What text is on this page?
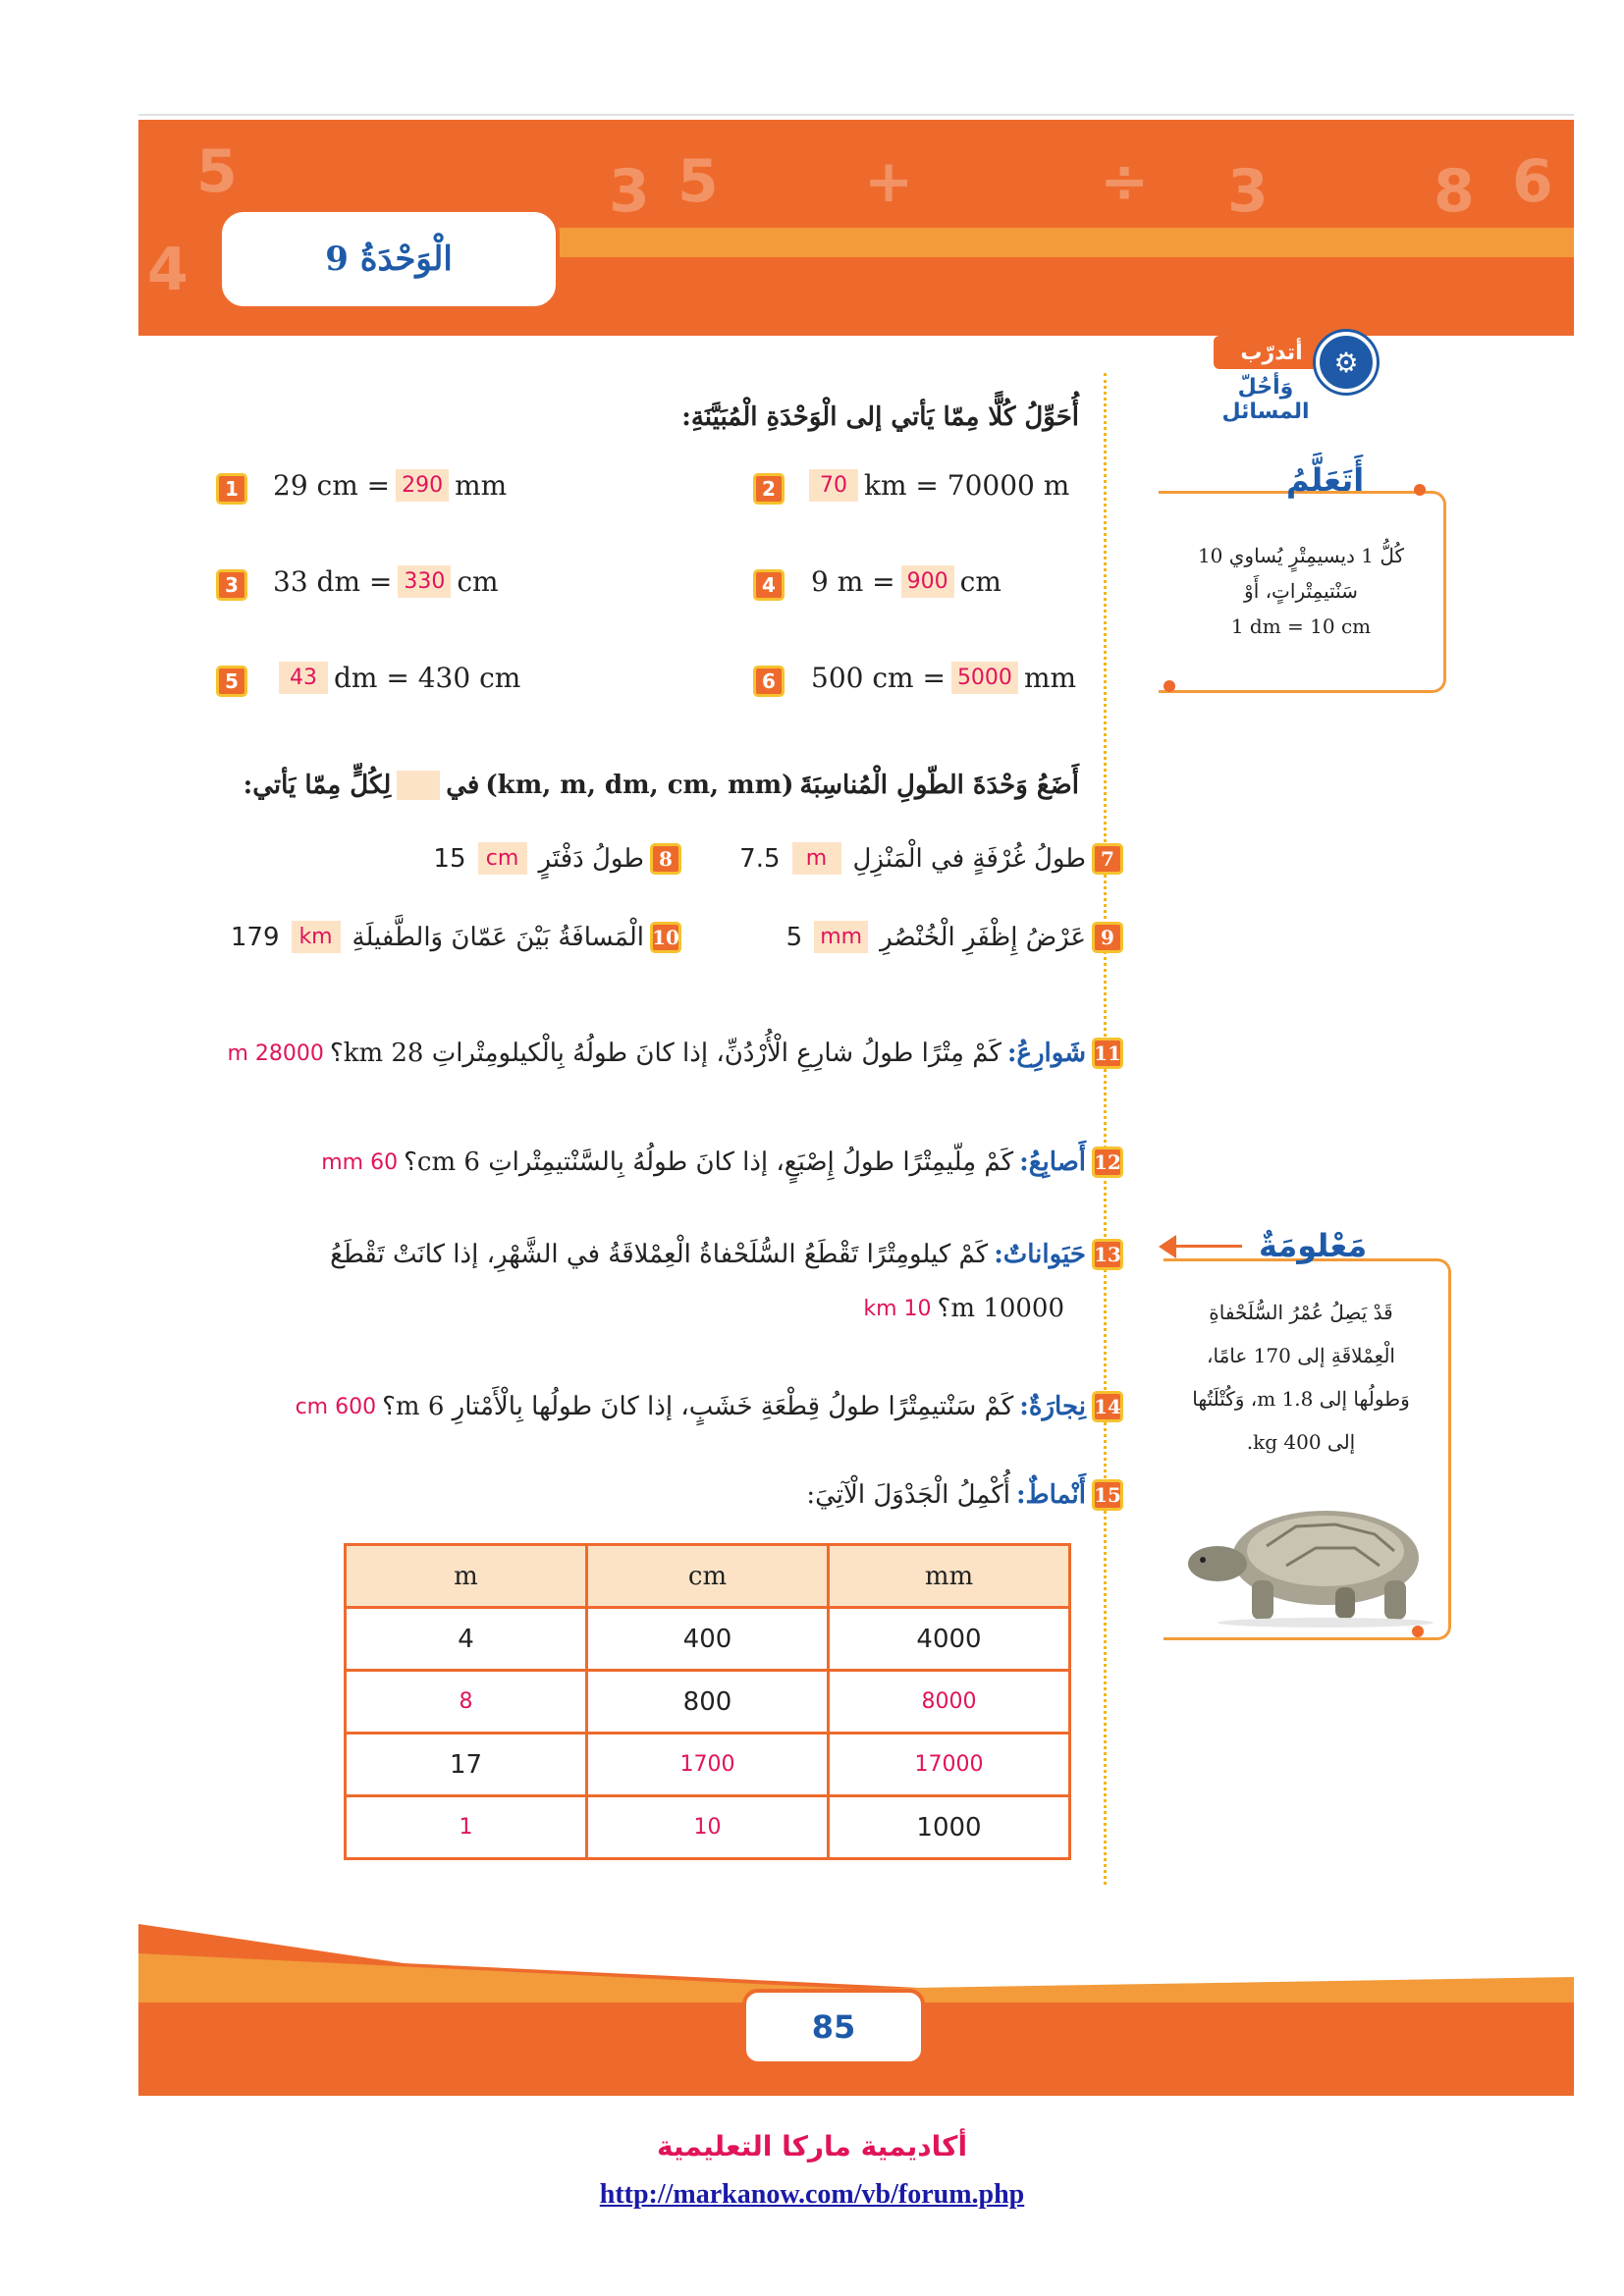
6
8
3
÷
+
5
3
5
4	الْوَحْدَةُ 9
أتدرّب
وَأحُلّ المسائل
⚙
أُحَوِّلُ كُلًّا مِمّا يَأتي إلى الْوَحْدَةِ الْمُبَيَّنَةِ:
1	29 cm = 290 mm	2	70 km = 70000 m
3	33 dm = 330 cm	4	9 m = 900 cm
5	43 dm = 430 cm	6	500 cm = 5000 mm
أَضَعُ وَحْدَةَ الطّولِ الْمُناسِبَةَ
(km, m, dm, cm, mm)
في
لِكُلٍّ مِمّا يَأتي:
7
طولُ غُرْفَةٍ في الْمَنْزِلِ
m
7.5
8
طولُ دَفْتَرٍ
cm
15
9
عَرْضُ إِظْفَرِ الْخُنْصُرِ
mm
5
10
الْمَسافَةُ بَيْنَ عَمّانَ وَالطَّفيلَةِ
km
179
11
شَوارِعُ:
كَمْ مِتْرًا طولُ شارِعِ الْأُرْدُنِّ، إذا كانَ طولُهُ بِالْكيلومِتْراتِ 28 km؟
28000 m
12
أَصابِعُ:
كَمْ مِلّيمِتْرًا طولُ إِصْبَعٍ، إذا كانَ طولُهُ بِالسَّنْتيمِتْراتِ 6 cm؟
60 mm
13
حَيَواناتٌ:
كَمْ كيلومِتْرًا تَقْطَعُ السُّلَحْفاةُ الْعِمْلاقَةُ في الشَّهْرِ، إذا كانَتْ تَقْطَعُ
10000 m؟
10 km
14
نِجارَةٌ:
كَمْ سَنْتيمِتْرًا طولُ قِطْعَةِ خَشَبٍ، إذا كانَ طولُها بِالْأَمْتارِ 6 m؟
600 cm
15
أَنْماطٌ:
أُكْمِلُ الْجَدْوَلَ الْآتِيَ:
m	cm	mm
4	400	4000
8	800	8000
17	1700	17000
1	10	1000
أَتَعَلَّمُ
كُلُّ 1 ديسيمِتْرٍ يُساوي 10
سَنْتيمِتْراتٍ، أَوْ
1 dm = 10 cm
مَعْلومَةٌ
قَدْ يَصِلُ عُمْرُ السُّلَحْفاةِ
الْعِمْلاقَةِ إلى 170 عامًا،
وَطولُها إلى 1.8 m، وَكُتْلَتُها
إلى 400 kg.
85
أكاديمية ماركا التعليمية
http://markanow.com/vb/forum.php
